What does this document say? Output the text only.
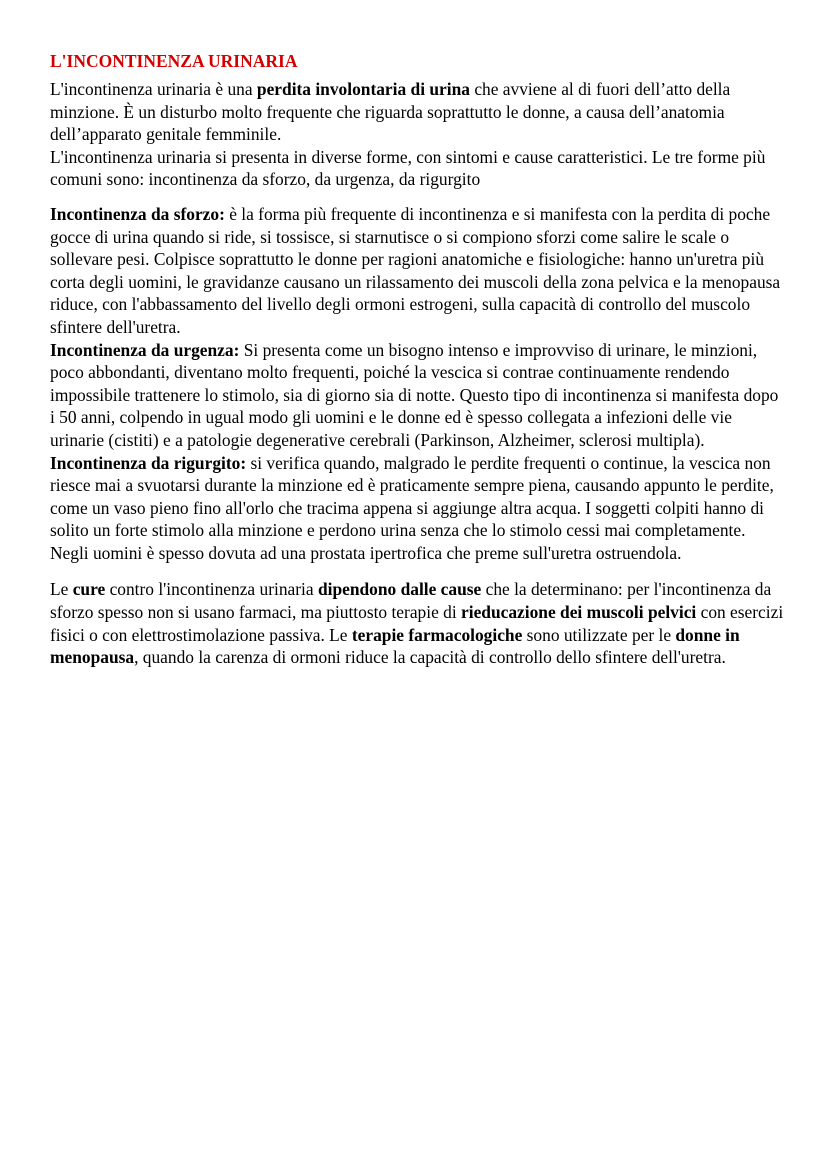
L'INCONTINENZA URINARIA

L'incontinenza urinaria è una perdita involontaria di urina che avviene al di fuori dell’atto della minzione. È un disturbo molto frequente che riguarda soprattutto le donne, a causa dell’anatomia dell’apparato genitale femminile.

L'incontinenza urinaria si presenta in diverse forme, con sintomi e cause caratteristici. Le tre forme più comuni sono: incontinenza da sforzo, da urgenza, da rigurgito

Incontinenza da sforzo: è la forma più frequente di incontinenza e si manifesta con la perdita di poche gocce di urina quando si ride, si tossisce, si starnutisce o si compiono sforzi come salire le scale o sollevare pesi. Colpisce soprattutto le donne per ragioni anatomiche e fisiologiche: hanno un'uretra più corta degli uomini, le gravidanze causano un rilassamento dei muscoli della zona pelvica e la menopausa riduce, con l'abbassamento del livello degli ormoni estrogeni, sulla capacità di controllo del muscolo sfintere dell'uretra.

Incontinenza da urgenza: Si presenta come un bisogno intenso e improvviso di urinare, le minzioni, poco abbondanti, diventano molto frequenti, poiché la vescica si contrae continuamente rendendo impossibile trattenere lo stimolo, sia di giorno sia di notte. Questo tipo di incontinenza si manifesta dopo i 50 anni, colpendo in ugual modo gli uomini e le donne ed è spesso collegata a infezioni delle vie urinarie (cistiti) e a patologie degenerative cerebrali (Parkinson, Alzheimer, sclerosi multipla).

Incontinenza da rigurgito: si verifica quando, malgrado le perdite frequenti o continue, la vescica non riesce mai a svuotarsi durante la minzione ed è praticamente sempre piena, causando appunto le perdite, come un vaso pieno fino all'orlo che tracima appena si aggiunge altra acqua. I soggetti colpiti hanno di solito un forte stimolo alla minzione e perdono urina senza che lo stimolo cessi mai completamente. Negli uomini è spesso dovuta ad una prostata ipertrofica che preme sull'uretra ostruendola.

Le cure contro l'incontinenza urinaria dipendono dalle cause che la determinano: per l'incontinenza da sforzo spesso non si usano farmaci, ma piuttosto terapie di rieducazione dei muscoli pelvici con esercizi fisici o con elettrostimolazione passiva. Le terapie farmacologiche sono utilizzate per le donne in menopausa, quando la carenza di ormoni riduce la capacità di controllo dello sfintere dell'uretra.
